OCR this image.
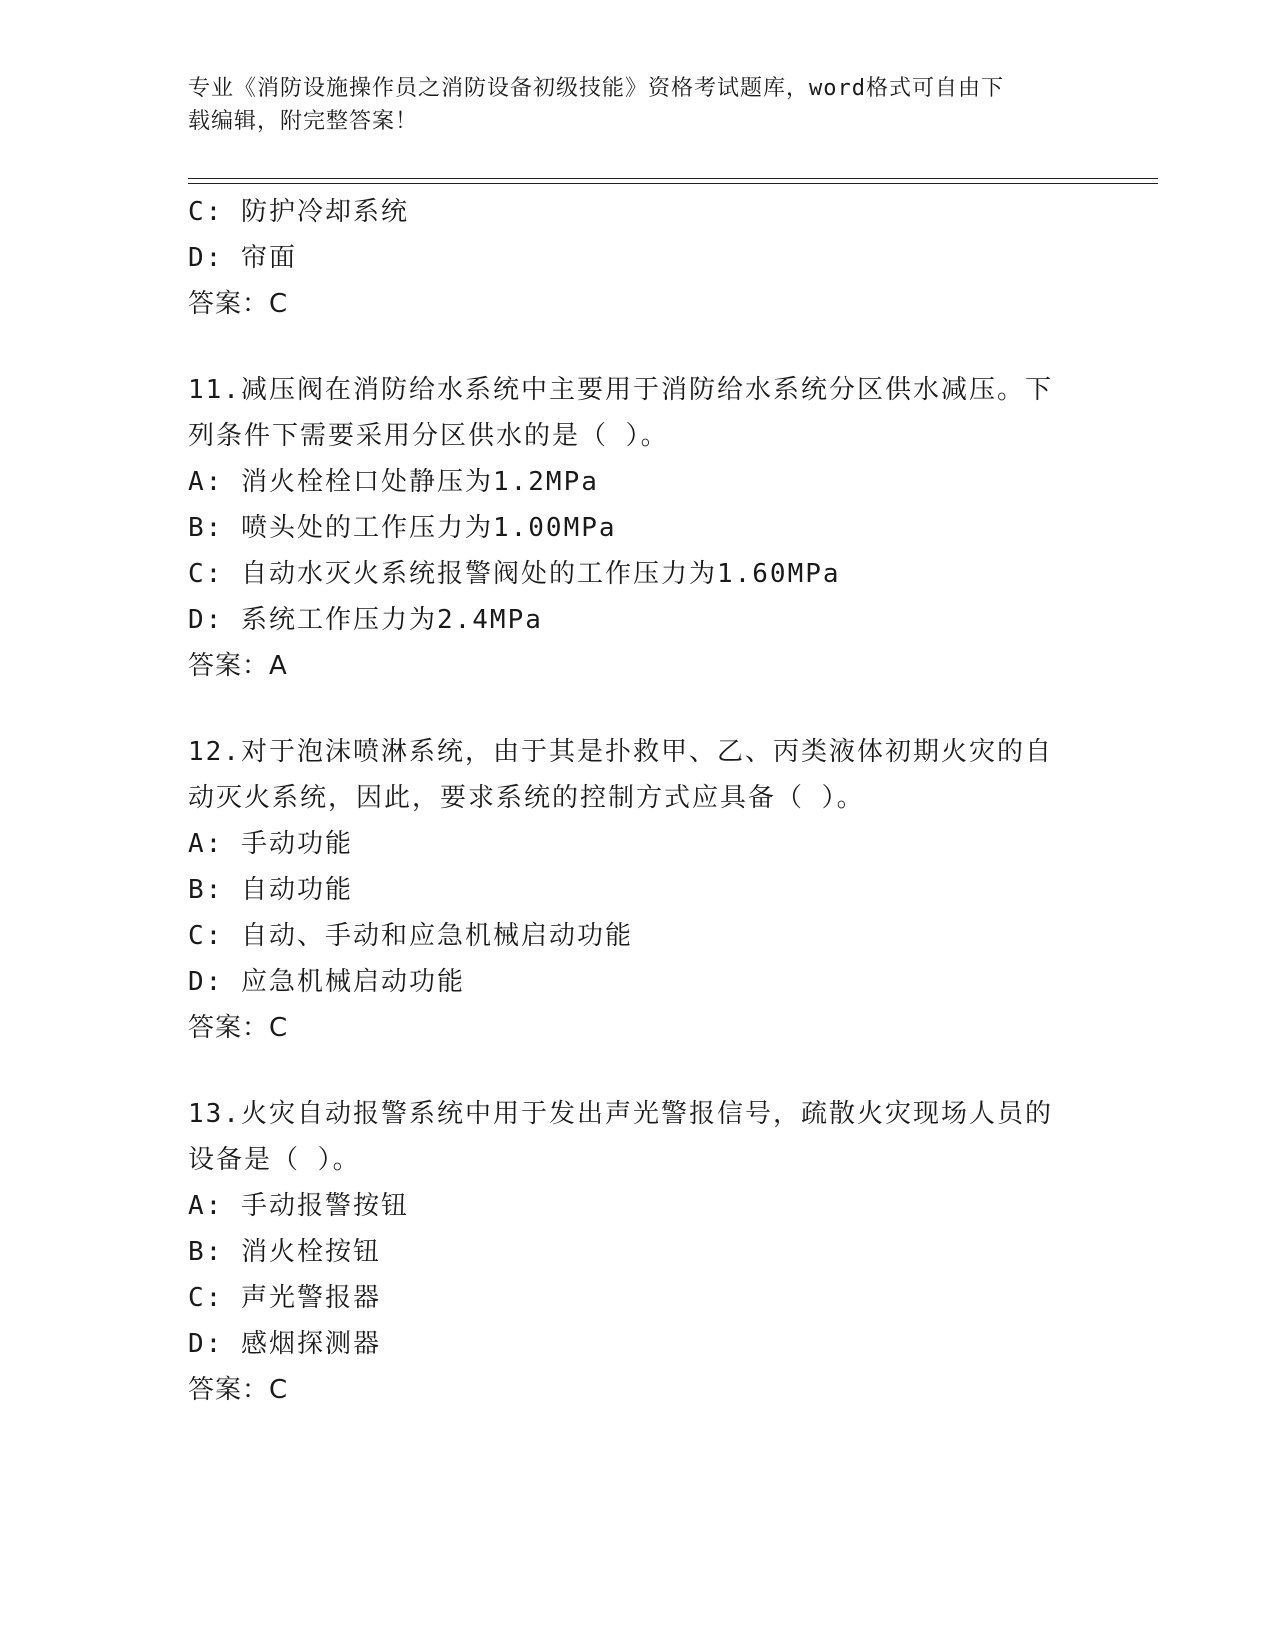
专业《消防设施操作员之消防设备初级技能》资格考试题库，word格式可自由下
载编辑，附完整答案！
C: 防护冷却系统
D: 帘面
答案：C
11.减压阀在消防给水系统中主要用于消防给水系统分区供水减压。下
列条件下需要采用分区供水的是（ ）。
A: 消火栓栓口处静压为1.2MPa
B: 喷头处的工作压力为1.00MPa
C: 自动水灭火系统报警阀处的工作压力为1.60MPa
D: 系统工作压力为2.4MPa
答案：A
12.对于泡沫喷淋系统，由于其是扑救甲、乙、丙类液体初期火灾的自
动灭火系统，因此，要求系统的控制方式应具备（ ）。
A: 手动功能
B: 自动功能
C: 自动、手动和应急机械启动功能
D: 应急机械启动功能
答案：C
13.火灾自动报警系统中用于发出声光警报信号，疏散火灾现场人员的
设备是（ ）。
A: 手动报警按钮
B: 消火栓按钮
C: 声光警报器
D: 感烟探测器
答案：C
